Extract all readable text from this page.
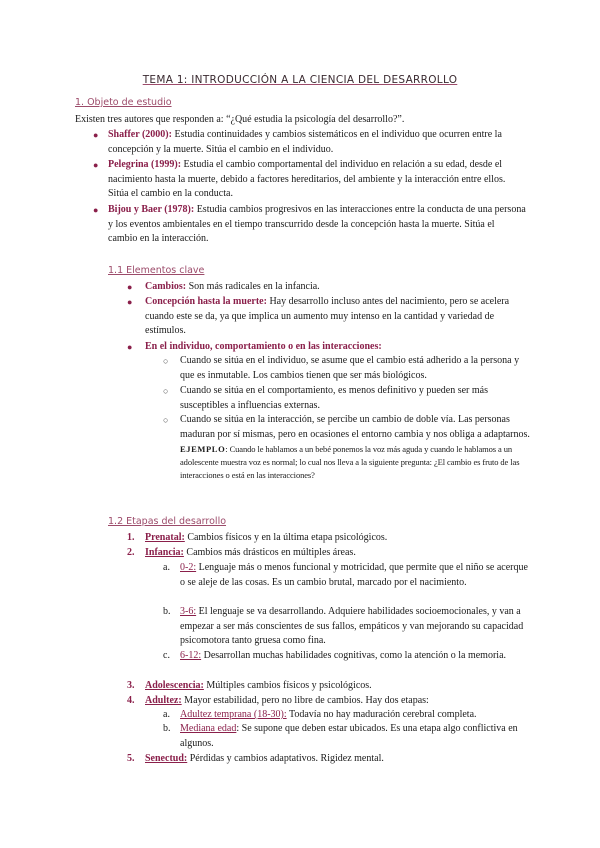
TEMA 1: INTRODUCCIÓN A LA CIENCIA DEL DESARROLLO
1. Objeto de estudio
Existen tres autores que responden a: “¿Qué estudia la psicología del desarrollo?”.
● Shaffer (2000): Estudia continuidades y cambios sistemáticos en el individuo que ocurren entre la concepción y la muerte. Sitúa el cambio en el individuo.
● Pelegrina (1999): Estudia el cambio comportamental del individuo en relación a su edad, desde el nacimiento hasta la muerte, debido a factores hereditarios, del ambiente y la interacción entre ellos. Sitúa el cambio en la conducta.
● Bijou y Baer (1978): Estudia cambios progresivos en las interacciones entre la conducta de una persona y los eventos ambientales en el tiempo transcurrido desde la concepción hasta la muerte. Sitúa el cambio en la interacción.
1.1 Elementos clave
● Cambios: Son más radicales en la infancia.
● Concepción hasta la muerte: Hay desarrollo incluso antes del nacimiento, pero se acelera cuando este se da, ya que implica un aumento muy intenso en la cantidad y variedad de estímulos.
● En el individuo, comportamiento o en las interacciones:
○ Cuando se sitúa en el individuo, se asume que el cambio está adherido a la persona y que es inmutable. Los cambios tienen que ser más biológicos.
○ Cuando se sitúa en el comportamiento, es menos definitivo y pueden ser más susceptibles a influencias externas.
○ Cuando se sitúa en la interacción, se percibe un cambio de doble vía. Las personas maduran por sí mismas, pero en ocasiones el entorno cambia y nos obliga a adaptarnos.
EJEMPLO: Cuando le hablamos a un bebé ponemos la voz más aguda y cuando le hablamos a un adolescente muestra voz es normal; lo cual nos lleva a la siguiente pregunta: ¿El cambio es fruto de las interacciones o está en las interacciones?
1.2 Etapas del desarrollo
1. Prenatal: Cambios físicos y en la última etapa psicológicos.
2. Infancia: Cambios más drásticos en múltiples áreas.
a. 0-2: Lenguaje más o menos funcional y motricidad, que permite que el niño se acerque o se aleje de las cosas. Es un cambio brutal, marcado por el nacimiento.
b. 3-6: El lenguaje se va desarrollando. Adquiere habilidades socioemocionales, y van a empezar a ser más conscientes de sus fallos, empáticos y van mejorando su capacidad psicomotora tanto gruesa como fina.
c. 6-12: Desarrollan muchas habilidades cognitivas, como la atención o la memoria.
3. Adolescencia: Múltiples cambios físicos y psicológicos.
4. Adultez: Mayor estabilidad, pero no libre de cambios. Hay dos etapas:
a. Adultez temprana (18-30): Todavía no hay maduración cerebral completa.
b. Mediana edad: Se supone que deben estar ubicados. Es una etapa algo conflictiva en algunos.
5. Senectud: Pérdidas y cambios adaptativos. Rigidez mental.
